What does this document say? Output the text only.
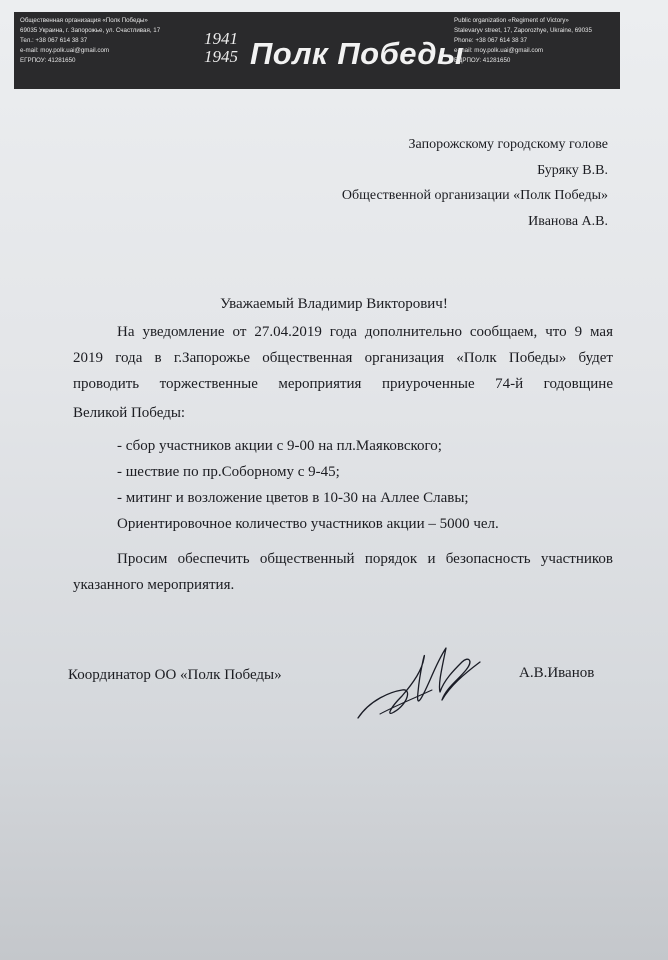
Общественная организация «Полк Победы»
69035 Украина, г. Запорожье, ул. Счастливая, 17
Тел.: +38 067 614 38 37
e-mail: moy.polk.uai@gmail.com
ЕГРПОУ: 41281650
1941
1945 Полк Победы
Public organization «Regiment of Victory»
Stalevaryv street, 17, Zaporozhye, Ukraine, 69035
Phone: +38 067 614 38 37
e-mail: moy.polk.uai@gmail.com
ЕДРПОУ: 41281650
Запорожскому городскому голове
Буряку В.В.
Общественной организации «Полк Победы»
Иванова А.В.
Уважаемый Владимир Викторович!
На уведомление от 27.04.2019 года дополнительно сообщаем, что 9 мая
2019 года в г.Запорожье общественная организация «Полк Победы» будет
проводить торжественные мероприятия приуроченные 74-й годовщине
Великой Победы:
- сбор участников акции с 9-00 на пл.Маяковского;
- шествие по пр.Соборному с 9-45;
- митинг и возложение цветов в 10-30 на Аллее Славы;
Ориентировочное количество участников акции – 5000 чел.
Просим обеспечить общественный порядок и безопасность участников
указанного мероприятия.
Координатор ОО «Полк Победы»	А.В.Иванов
